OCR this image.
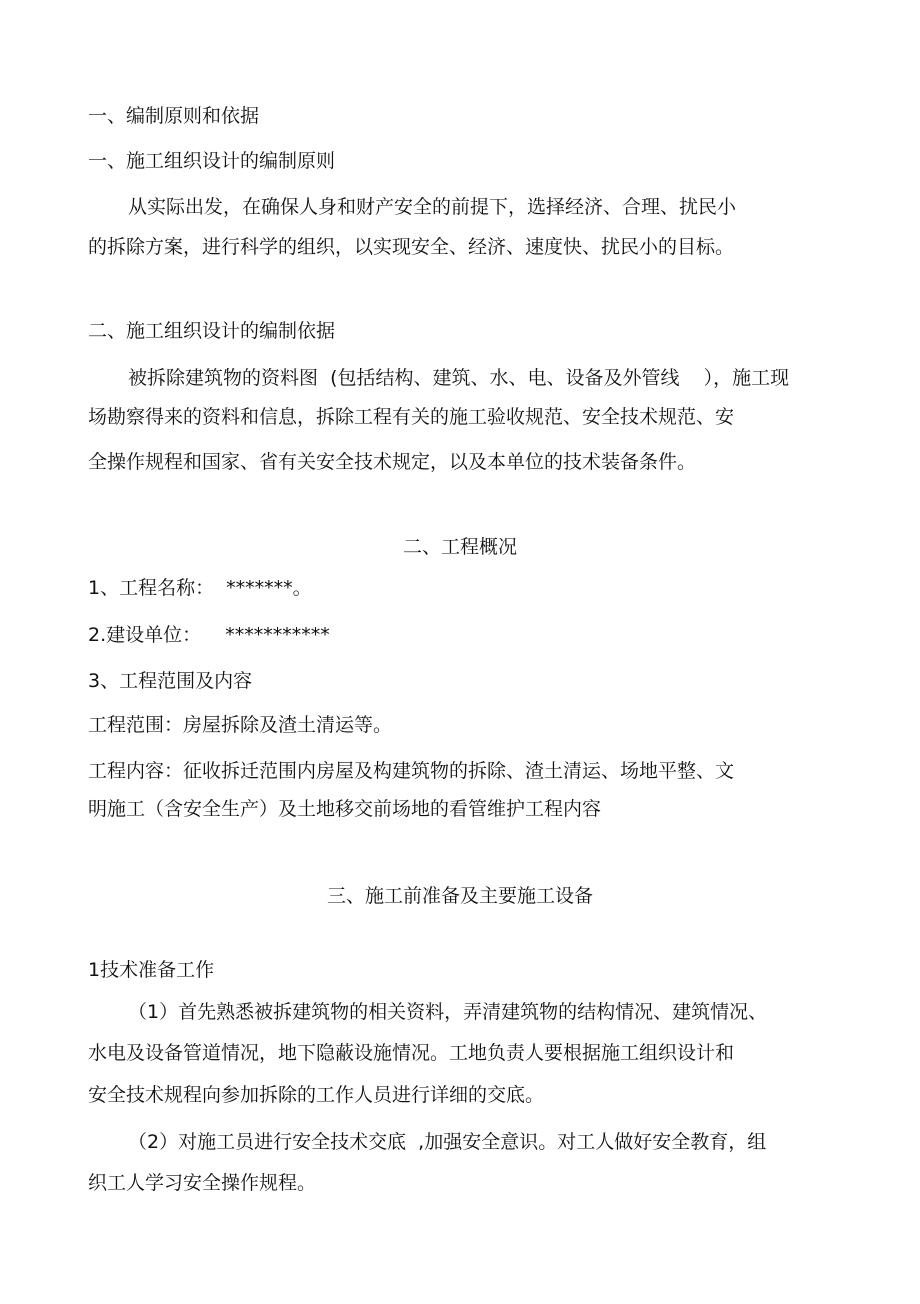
一、编制原则和依据
一、施工组织设计的编制原则

从实际出发，在确保人身和财产安全的前提下，选择经济、合理、扰民小

的拆除方案，进行科学的组织，以实现安全、经济、速度快、扰民小的目标。

二、施工组织设计的编制依据

被拆除建筑物的资料图  (包括结构、建筑、水、电、设备及外管线    ），施工现

场勘察得来的资料和信息，拆除工程有关的施工验收规范、安全技术规范、安

全操作规程和国家、省有关安全技术规定，以及本单位的技术装备条件。

二、工程概况

1、工程名称：  *******。

2.建设单位：    ***********

3、工程范围及内容

工程范围：房屋拆除及渣土清运等。

工程内容：征收拆迁范围内房屋及构建筑物的拆除、渣土清运、场地平整、文

明施工（含安全生产）及土地移交前场地的看管维护工程内容

三、施工前准备及主要施工设备
1技术准备工作

（1）首先熟悉被拆建筑物的相关资料，弄清建筑物的结构情况、建筑情况、

水电及设备管道情况，地下隐蔽设施情况。工地负责人要根据施工组织设计和

安全技术规程向参加拆除的工作人员进行详细的交底。

（2）对施工员进行安全技术交底  ,加强安全意识。对工人做好安全教育，组

织工人学习安全操作规程。
